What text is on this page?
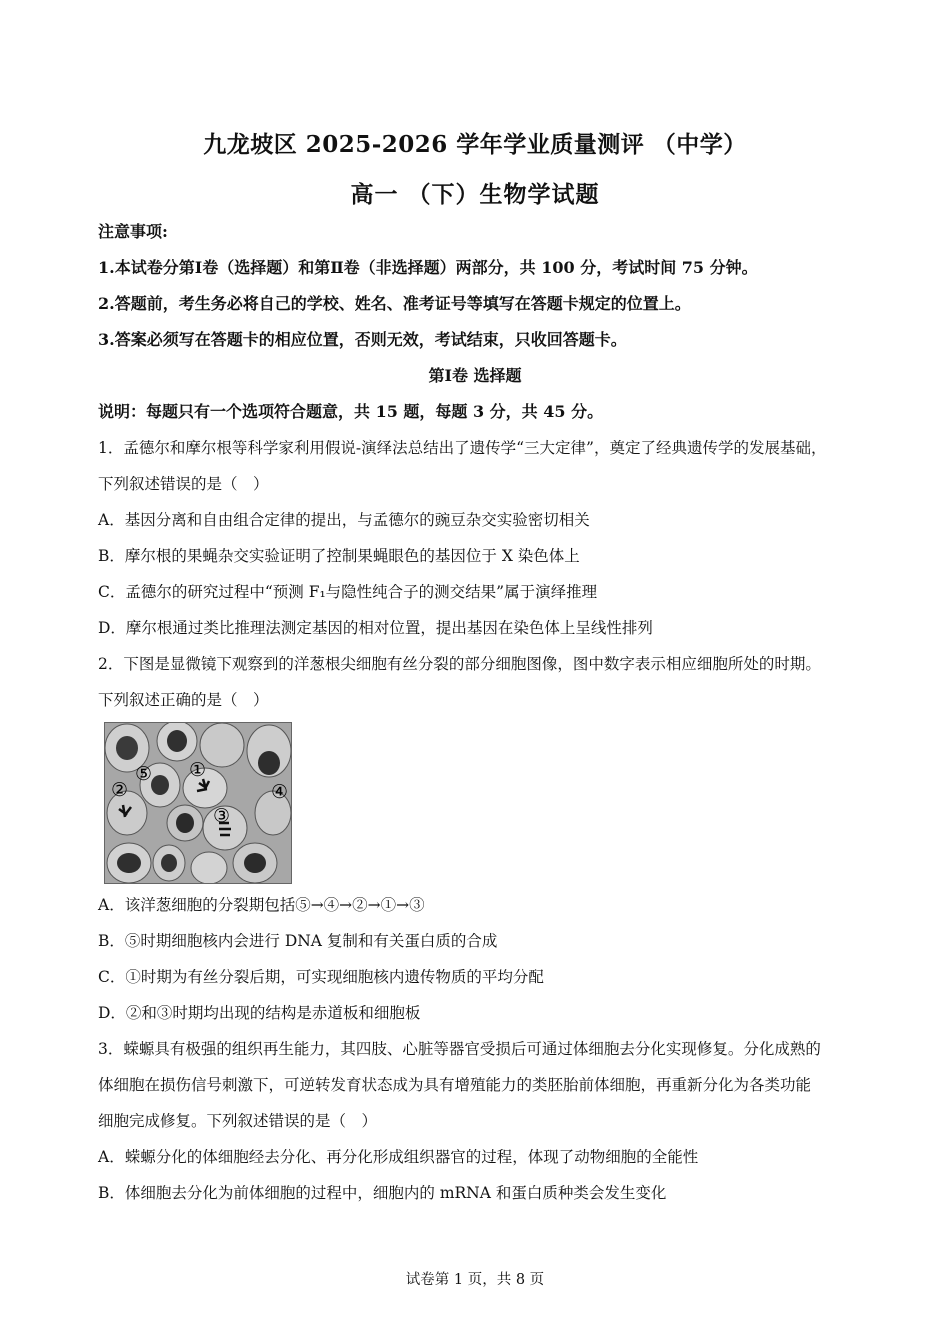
九龙坡区 2025-2026 学年学业质量测评 （中学）
高一 （下）生物学试题
注意事项:
1.本试卷分第Ⅰ卷（选择题）和第Ⅱ卷（非选择题）两部分，共 100 分，考试时间 75 分钟。
2.答题前，考生务必将自己的学校、姓名、准考证号等填写在答题卡规定的位置上。
3.答案必须写在答题卡的相应位置，否则无效，考试结束，只收回答题卡。
第Ⅰ卷 选择题
说明：每题只有一个选项符合题意，共 15 题，每题 3 分，共 45 分。
1．孟德尔和摩尔根等科学家利用假说-演绎法总结出了遗传学“三大定律”，奠定了经典遗传学的发展基础，
下列叙述错误的是（　）
A．基因分离和自由组合定律的提出，与孟德尔的豌豆杂交实验密切相关
B．摩尔根的果蝇杂交实验证明了控制果蝇眼色的基因位于 X 染色体上
C．孟德尔的研究过程中“预测 F₁与隐性纯合子的测交结果”属于演绎推理
D．摩尔根通过类比推理法测定基因的相对位置，提出基因在染色体上呈线性排列
2．下图是显微镜下观察到的洋葱根尖细胞有丝分裂的部分细胞图像，图中数字表示相应细胞所处的时期。
下列叙述正确的是（　）
⑤ ①
②	④
③
A．该洋葱细胞的分裂期包括⑤→④→②→①→③
B．⑤时期细胞核内会进行 DNA 复制和有关蛋白质的合成
C．①时期为有丝分裂后期，可实现细胞核内遗传物质的平均分配
D．②和③时期均出现的结构是赤道板和细胞板
3．蝾螈具有极强的组织再生能力，其四肢、心脏等器官受损后可通过体细胞去分化实现修复。分化成熟的
体细胞在损伤信号刺激下，可逆转发育状态成为具有增殖能力的类胚胎前体细胞，再重新分化为各类功能
细胞完成修复。下列叙述错误的是（　）
A．蝾螈分化的体细胞经去分化、再分化形成组织器官的过程，体现了动物细胞的全能性
B．体细胞去分化为前体细胞的过程中，细胞内的 mRNA 和蛋白质种类会发生变化
试卷第 1 页，共 8 页
